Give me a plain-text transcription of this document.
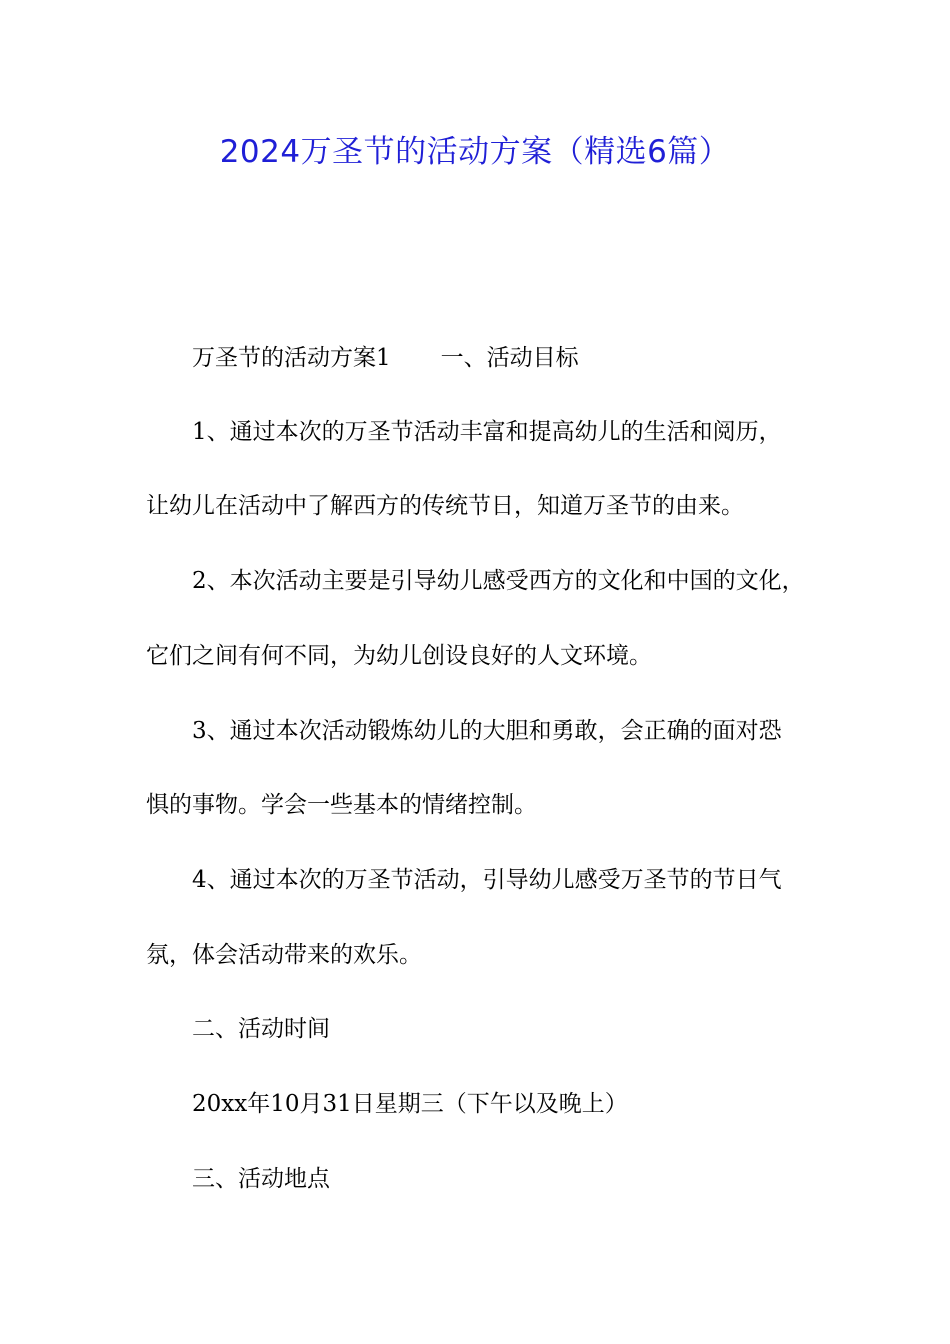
2024万圣节的活动方案（精选6篇）
万圣节的活动方案1 一、活动目标
1、通过本次的万圣节活动丰富和提高幼儿的生活和阅历，
让幼儿在活动中了解西方的传统节日，知道万圣节的由来。
2、本次活动主要是引导幼儿感受西方的文化和中国的文化，
它们之间有何不同，为幼儿创设良好的人文环境。
3、通过本次活动锻炼幼儿的大胆和勇敢，会正确的面对恐
惧的事物。学会一些基本的情绪控制。
4、通过本次的万圣节活动，引导幼儿感受万圣节的节日气
氛，体会活动带来的欢乐。
二、活动时间
20xx年10月31日星期三（下午以及晚上）
三、活动地点
